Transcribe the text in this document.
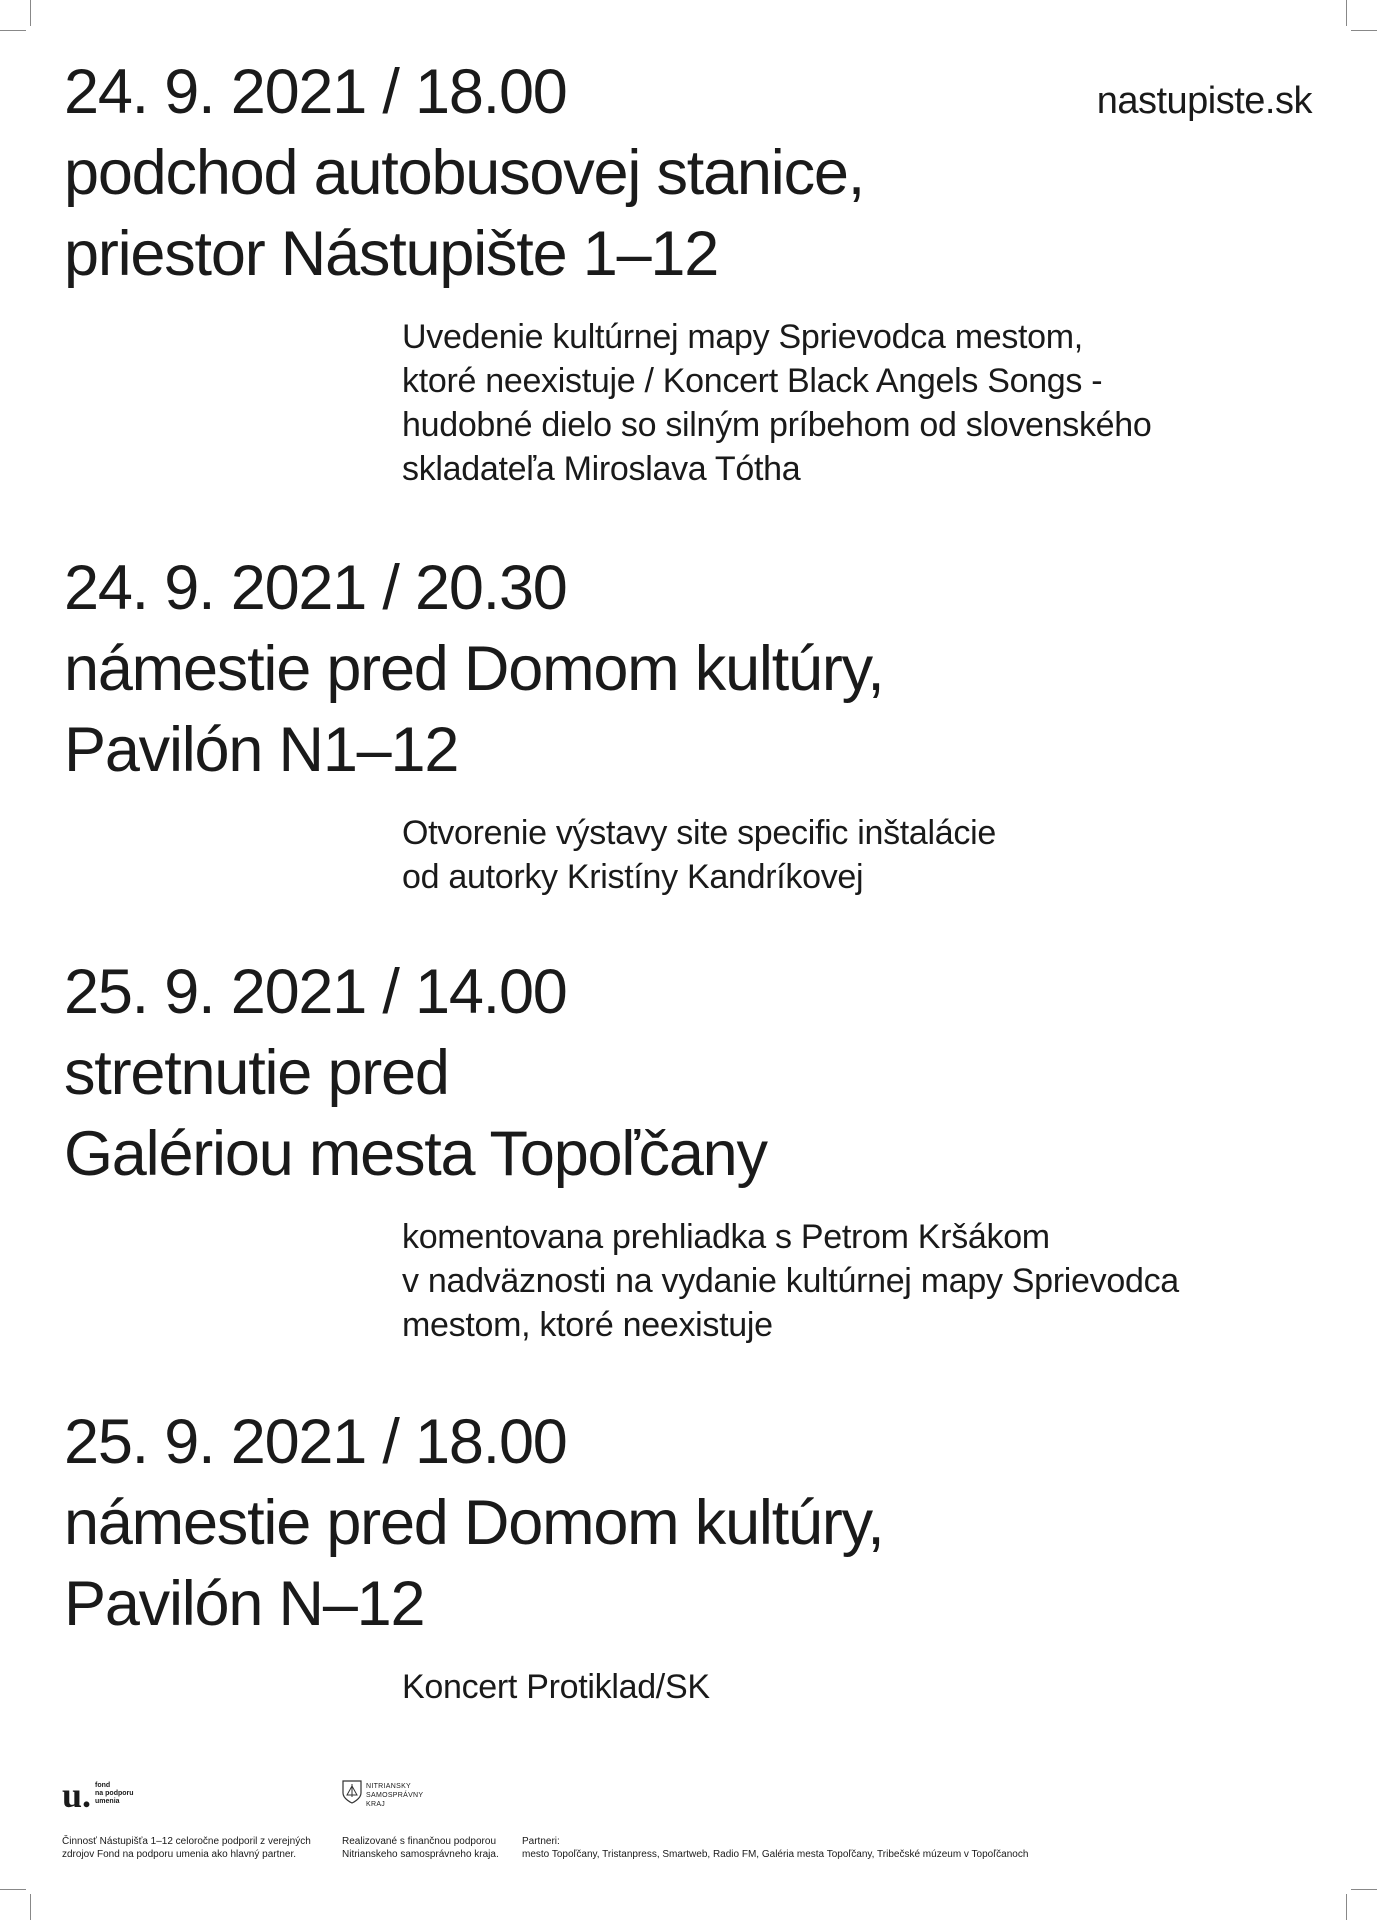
nastupiste.sk
24. 9. 2021 / 18.00
podchod autobusovej stanice,
priestor Nástupište 1–12
Uvedenie kultúrnej mapy Sprievodca mestom,
ktoré neexistuje / Koncert Black Angels Songs -
hudobné dielo so silným príbehom od slovenského
skladateľa Miroslava Tótha
24. 9. 2021 / 20.30
námestie pred Domom kultúry,
Pavilón N1–12
Otvorenie výstavy site specific inštalácie
od autorky Kristíny Kandríkovej
25. 9. 2021 / 14.00
stretnutie pred
Galériou mesta Topoľčany
komentovana prehliadka s Petrom Kršákom
v nadväznosti na vydanie kultúrnej mapy Sprievodca
mestom, ktoré neexistuje
25. 9. 2021 / 18.00
námestie pred Domom kultúry,
Pavilón N–12
Koncert Protiklad/SK
u. fond
na podporu
umenia
NITRIANSKY
SAMOSPRÁVNY
KRAJ
Činnosť Nástupišťa 1–12 celoročne podporil z verejných
zdrojov Fond na podporu umenia ako hlavný partner.
Realizované s finančnou podporou
Nitrianskeho samosprávneho kraja.
Partneri:
mesto Topoľčany, Tristanpress, Smartweb, Radio FM, Galéria mesta Topoľčany, Tribečské múzeum v Topoľčanoch
